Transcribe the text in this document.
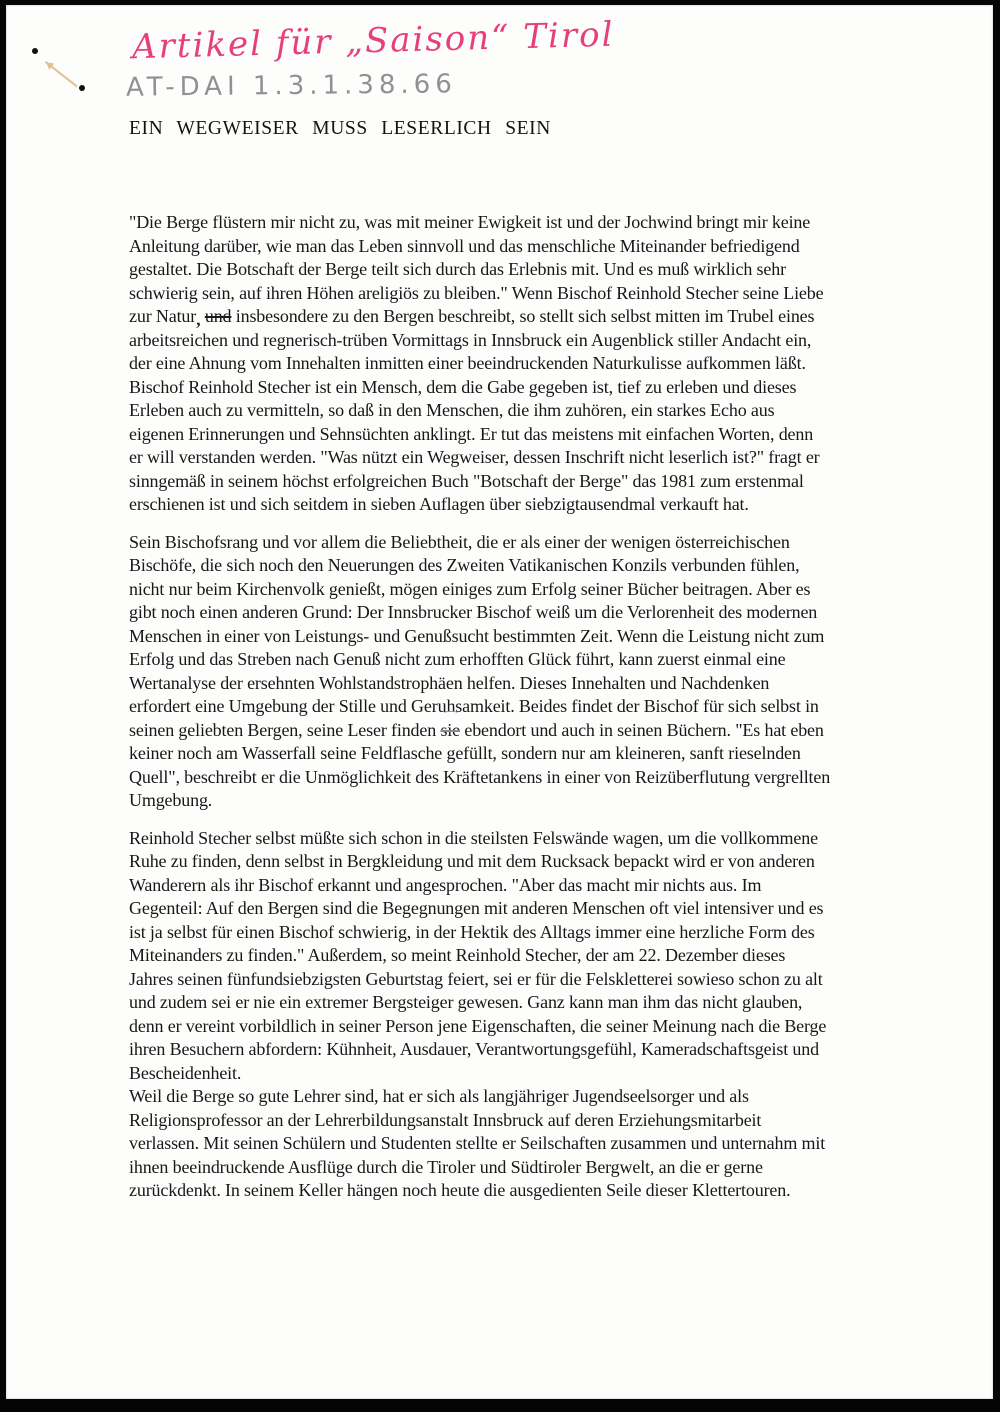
Artikel für „Saison“ Tirol
AT-DAI 1.3.1.38.66
EIN WEGWEISER MUSS LESERLICH SEIN
"Die Berge flüstern mir nicht zu, was mit meiner Ewigkeit ist und der Jochwind bringt mir keine
Anleitung darüber, wie man das Leben sinnvoll und das menschliche Miteinander befriedigend
gestaltet. Die Botschaft der Berge teilt sich durch das Erlebnis mit. Und es muß wirklich sehr
schwierig sein, auf ihren Höhen areligiös zu bleiben." Wenn Bischof Reinhold Stecher seine Liebe
zur Natur, und insbesondere zu den Bergen beschreibt, so stellt sich selbst mitten im Trubel eines
arbeitsreichen und regnerisch-trüben Vormittags in Innsbruck ein Augenblick stiller Andacht ein,
der eine Ahnung vom Innehalten inmitten einer beeindruckenden Naturkulisse aufkommen läßt.
Bischof Reinhold Stecher ist ein Mensch, dem die Gabe gegeben ist, tief zu erleben und dieses
Erleben auch zu vermitteln, so daß in den Menschen, die ihm zuhören, ein starkes Echo aus
eigenen Erinnerungen und Sehnsüchten anklingt. Er tut das meistens mit einfachen Worten, denn
er will verstanden werden. "Was nützt ein Wegweiser, dessen Inschrift nicht leserlich ist?" fragt er
sinngemäß in seinem höchst erfolgreichen Buch "Botschaft der Berge" das 1981 zum erstenmal
erschienen ist und sich seitdem in sieben Auflagen über siebzigtausendmal verkauft hat.
Sein Bischofsrang und vor allem die Beliebtheit, die er als einer der wenigen österreichischen
Bischöfe, die sich noch den Neuerungen des Zweiten Vatikanischen Konzils verbunden fühlen,
nicht nur beim Kirchenvolk genießt, mögen einiges zum Erfolg seiner Bücher beitragen. Aber es
gibt noch einen anderen Grund: Der Innsbrucker Bischof weiß um die Verlorenheit des modernen
Menschen in einer von Leistungs- und Genußsucht bestimmten Zeit. Wenn die Leistung nicht zum
Erfolg und das Streben nach Genuß nicht zum erhofften Glück führt, kann zuerst einmal eine
Wertanalyse der ersehnten Wohlstandstrophäen helfen. Dieses Innehalten und Nachdenken
erfordert eine Umgebung der Stille und Geruhsamkeit. Beides findet der Bischof für sich selbst in
seinen geliebten Bergen, seine Leser finden sie
ebendort und auch in seinen Büchern. "Es hat eben
keiner noch am Wasserfall seine Feldflasche gefüllt, sondern nur am kleineren, sanft rieselnden
Quell", beschreibt er die Unmöglichkeit des Kräftetankens in einer von Reizüberflutung vergrellten
Umgebung.
Reinhold Stecher selbst müßte sich schon in die steilsten Felswände wagen, um die vollkommene
Ruhe zu finden, denn selbst in Bergkleidung und mit dem Rucksack bepackt wird er von anderen
Wanderern als ihr Bischof erkannt und angesprochen. "Aber das macht mir nichts aus. Im
Gegenteil: Auf den Bergen sind die Begegnungen mit anderen Menschen oft viel intensiver und es
ist ja selbst für einen Bischof schwierig, in der Hektik des Alltags immer eine herzliche Form des
Miteinanders zu finden." Außerdem, so meint Reinhold Stecher, der am 22. Dezember dieses
Jahres seinen fünfundsiebzigsten Geburtstag feiert, sei er für die Felskletterei sowieso schon zu alt
und zudem sei er nie ein extremer Bergsteiger gewesen. Ganz kann man ihm das nicht glauben,
denn er vereint vorbildlich in seiner Person jene Eigenschaften, die seiner Meinung nach die Berge
ihren Besuchern abfordern: Kühnheit, Ausdauer, Verantwortungsgefühl, Kameradschaftsgeist und
Bescheidenheit.
Weil die Berge so gute Lehrer sind, hat er sich als langjähriger Jugendseelsorger und als
Religionsprofessor an der Lehrerbildungsanstalt Innsbruck auf deren Erziehungsmitarbeit
verlassen. Mit seinen Schülern und Studenten stellte er Seilschaften zusammen und unternahm mit
ihnen beeindruckende Ausflüge durch die Tiroler und Südtiroler Bergwelt, an die er gerne
zurückdenkt. In seinem Keller hängen noch heute die ausgedienten Seile dieser Klettertouren.
